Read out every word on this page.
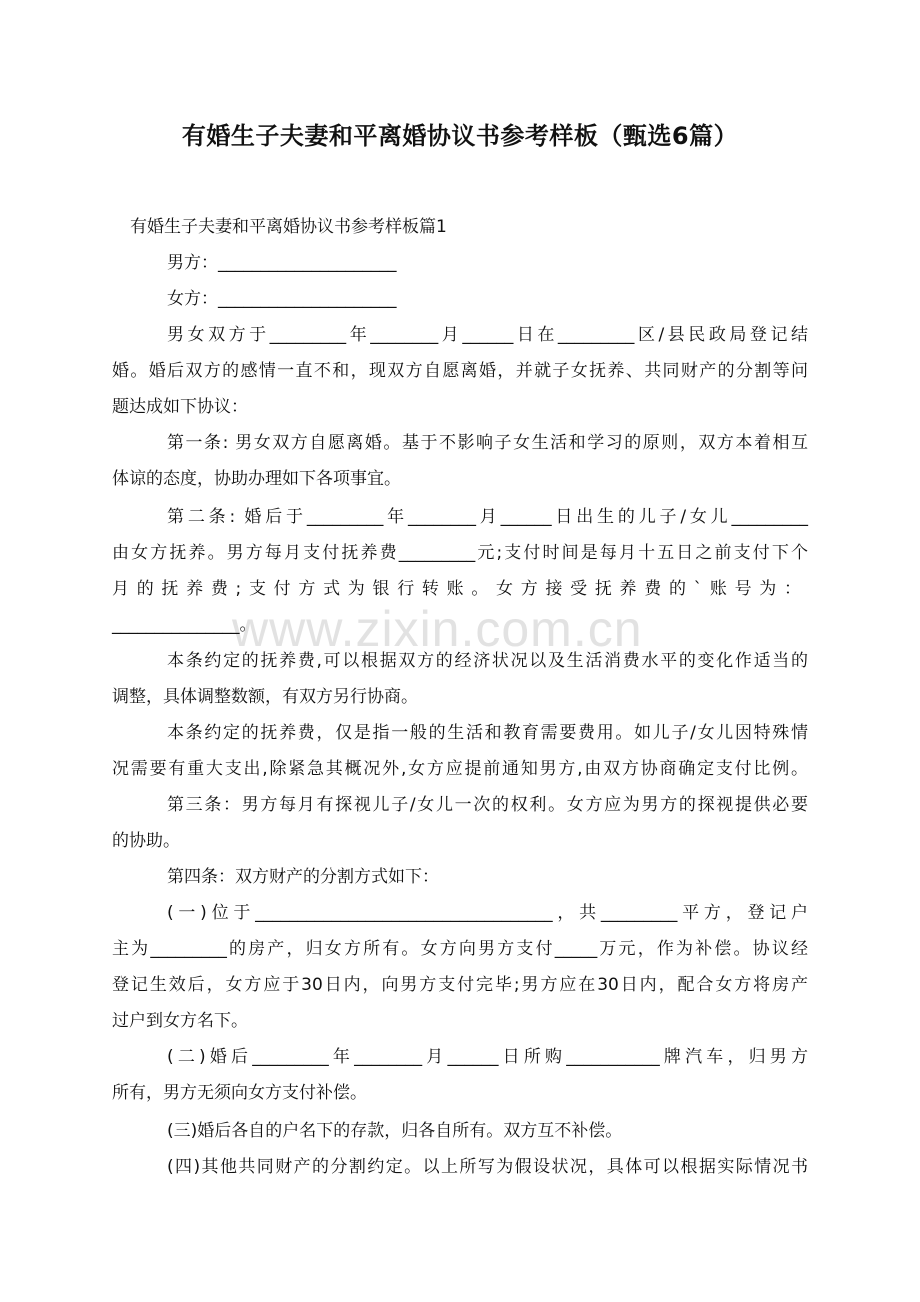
www.zixin.com.cn
有婚生子夫妻和平离婚协议书参考样板（甄选6篇）
有婚生子夫妻和平离婚协议书参考样板篇1
男方：_____________________
女方：_____________________
男女双方于_________年________月______日在_________区/县民政局登记结
婚。婚后双方的感情一直不和，现双方自愿离婚，并就子女抚养、共同财产的分割等问
题达成如下协议：
第一条: 男女双方自愿离婚。基于不影响子女生活和学习的原则，双方本着相互
体谅的态度，协助办理如下各项事宜。
第二条: 婚后于_________年________月______日出生的儿子/女儿_________
由女方抚养。男方每月支付抚养费_________元;支付时间是每月十五日之前支付下个
月的抚养费;支付方式为银行转账。女方接受抚养费的`账号为：
_______________。
本条约定的抚养费,可以根据双方的经济状况以及生活消费水平的变化作适当的
调整，具体调整数额，有双方另行协商。
本条约定的抚养费，仅是指一般的生活和教育需要费用。如儿子/女儿因特殊情
况需要有重大支出,除紧急其概况外,女方应提前通知男方,由双方协商确定支付比例。
第三条：男方每月有探视儿子/女儿一次的权利。女方应为男方的探视提供必要
的协助。
第四条：双方财产的分割方式如下：
(一)位于___________________________________，共_________平方，登记户
主为_________的房产，归女方所有。女方向男方支付_____万元，作为补偿。协议经
登记生效后，女方应于30日内，向男方支付完毕;男方应在30日内，配合女方将房产
过户到女方名下。
(二)婚后_________年________月______日所购___________牌汽车，归男方
所有，男方无须向女方支付补偿。
(三)婚后各自的户名下的存款，归各自所有。双方互不补偿。
(四)其他共同财产的分割约定。以上所写为假设状况，具体可以根据实际情况书
